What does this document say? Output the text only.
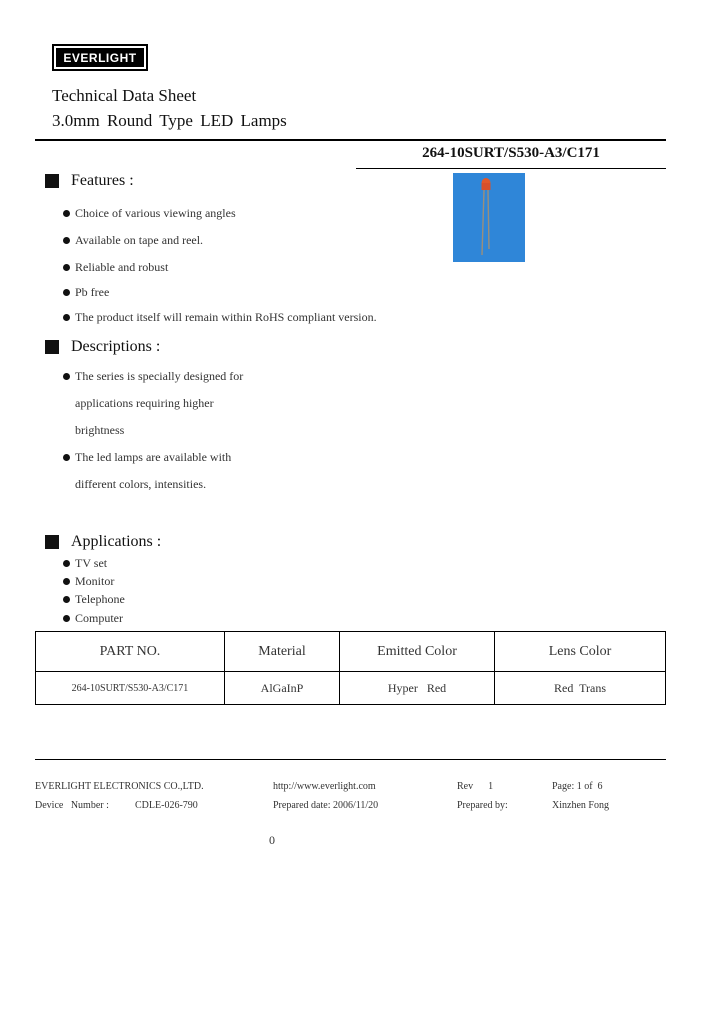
EVERLIGHT
Technical Data Sheet
3.0mm Round Type LED Lamps
264-10SURT/S530-A3/C171
Features :
Choice of various viewing angles
Available on tape and reel.
Reliable and robust
Pb free
The product itself will remain within RoHS compliant version.
Descriptions :
The series is specially designed for
applications requiring higher
brightness
The led lamps are available with
different colors, intensities.
Applications :
TV set
Monitor
Telephone
Computer
PART NO.	Material	Emitted Color	Lens Color
264-10SURT/S530-A3/C171	AlGaInP	Hyper   Red	Red  Trans
EVERLIGHT ELECTRONICS CO.,LTD.	http://www.everlight.com	Rev      1	Page: 1 of  6
Device   Number :	CDLE-026-790	Prepared date: 2006/11/20	Prepared by:	Xinzhen Fong
0
